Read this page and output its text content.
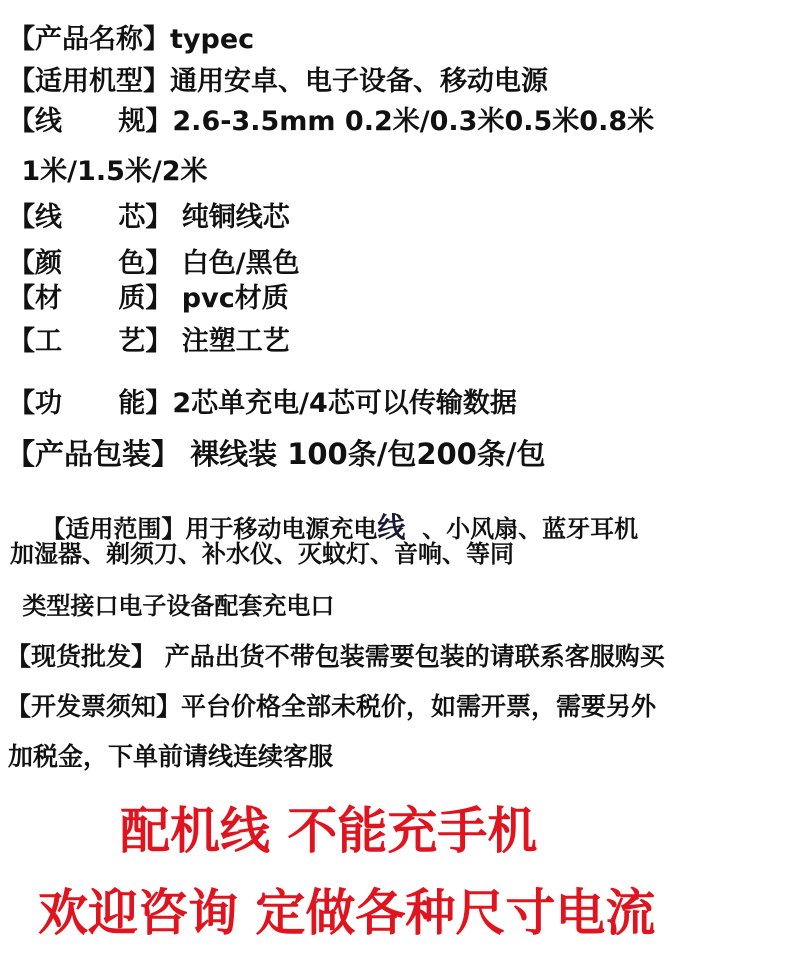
【产品名称】typec
【适用机型】通用安卓、电子设备、移动电源
【线      规】2.6-3.5mm 0.2米/0.3米0.5米0.8米
1米/1.5米/2米
【线      芯】 纯铜线芯
【颜      色】 白色/黑色
【材      质】 pvc材质
【工      艺】 注塑工艺
【功      能】2芯单充电/4芯可以传输数据
【产品包装】 裸线装 100条/包200条/包

【适用范围】用于移动电源充电线  、小风扇、蓝牙耳机

加湿器、剃须刀、补水仪、灭蚊灯、音响、等同
类型接口电子设备配套充电口
【现货批发】 产品出货不带包装需要包装的请联系客服购买
【开发票须知】平台价格全部未税价，如需开票，需要另外
加税金，下单前请线连续客服
配机线 不能充手机
欢迎咨询 定做各种尺寸电流
